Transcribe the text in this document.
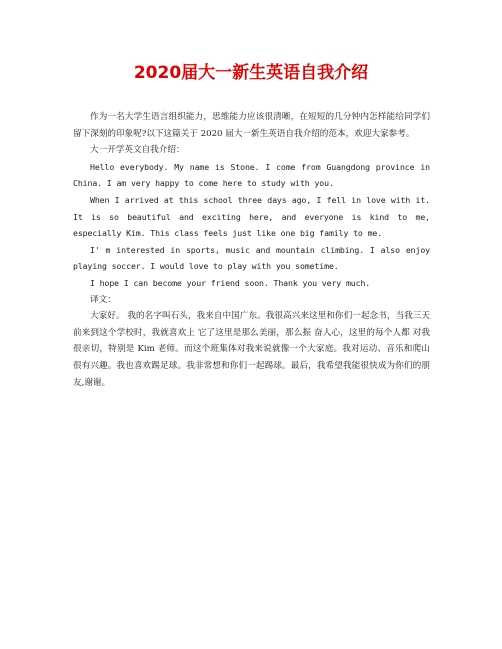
2020届大一新生英语自我介绍

作为一名大学生语言组织能力，思维能力应该很清晰，在短短的几分钟内怎样能给同学们留下深刻的印象呢?以下这篇关于 2020 届大一新生英语自我介绍的范本，欢迎大家参考。

大一开学英文自我介绍：

Hello everybody. My name is Stone. I come from Guangdong province in China. I am very happy to come here to study with you.

When I arrived at this school three days ago, I fell in love with it. It is so beautiful and exciting here, and everyone is kind to me, especially Kim. This class feels just like one big family to me.

I' m interested in sports, music and mountain climbing. I also enjoy playing soccer. I would love to play with you sometime.

I hope I can become your friend soon. Thank you very much.

译文：

大家好。 我的名字叫石头，我来自中国广东。我很高兴来这里和你们一起念书，当我三天前来到这个学校时，我就喜欢上 它了这里是那么美丽，那么振 奋人心，这里的每个人都 对我很亲切，特别是 Kim 老师。而这个班集体对我来说就像一个大家庭。我对运动、音乐和爬山很有兴趣。我也喜欢踢足球。我非常想和你们一起踢球。最后，我希望我能很快成为你们的朋友,谢谢。
